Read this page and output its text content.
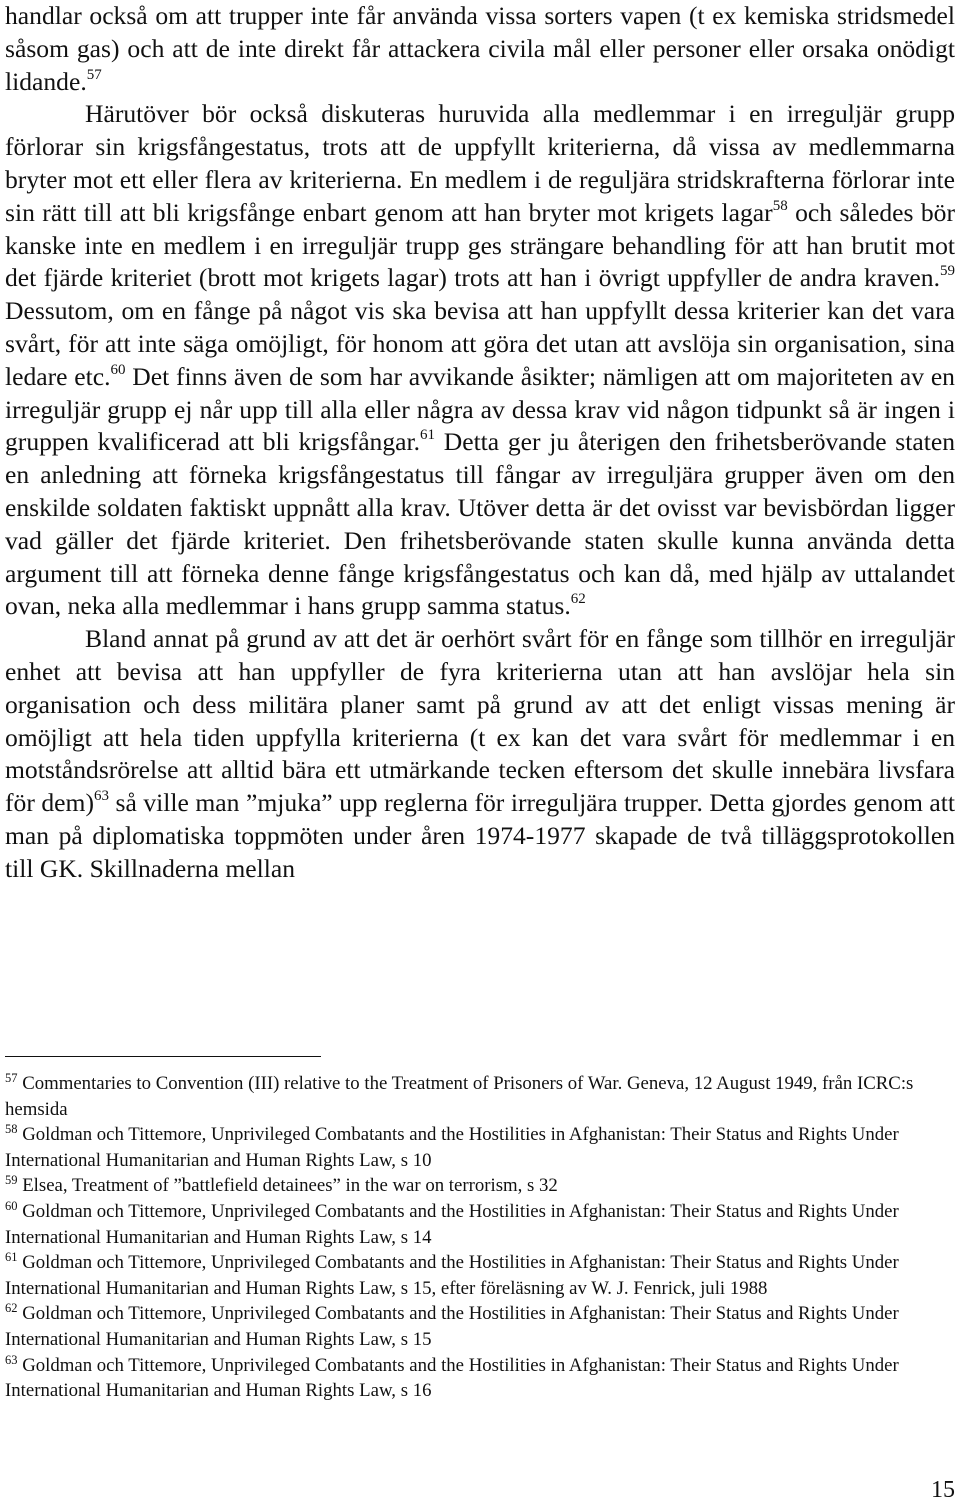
handlar också om att trupper inte får använda vissa sorters vapen (t ex kemiska stridsmedel såsom gas) och att de inte direkt får attackera civila mål eller personer eller orsaka onödigt lidande.$^{57}$

Härutöver bör också diskuteras huruvida alla medlemmar i en irreguljär grupp förlorar sin krigsfångestatus, trots att de uppfyllt kriterierna, då vissa av medlemmarna bryter mot ett eller flera av kriterierna. En medlem i de reguljära stridskrafterna förlorar inte sin rätt till att bli krigsfånge enbart genom att han bryter mot krigets lagar$^{58}$ och således bör kanske inte en medlem i en irreguljär trupp ges strängare behandling för att han brutit mot det fjärde kriteriet (brott mot krigets lagar) trots att han i övrigt uppfyller de andra kraven.$^{59}$ Dessutom, om en fånge på något vis ska bevisa att han uppfyllt dessa kriterier kan det vara svårt, för att inte säga omöjligt, för honom att göra det utan att avslöja sin organisation, sina ledare etc.$^{60}$ Det finns även de som har avvikande åsikter; nämligen att om majoriteten av en irreguljär grupp ej når upp till alla eller några av dessa krav vid någon tidpunkt så är ingen i gruppen kvalificerad att bli krigsfångar.$^{61}$ Detta ger ju återigen den frihetsberövande staten en anledning att förneka krigsfångestatus till fångar av irreguljära grupper även om den enskilde soldaten faktiskt uppnått alla krav. Utöver detta är det ovisst var bevisbördan ligger vad gäller det fjärde kriteriet. Den frihetsberövande staten skulle kunna använda detta argument till att förneka denne fånge krigsfångestatus och kan då, med hjälp av uttalandet ovan, neka alla medlemmar i hans grupp samma status.$^{62}$

Bland annat på grund av att det är oerhört svårt för en fånge som tillhör en irreguljär enhet att bevisa att han uppfyller de fyra kriterierna utan att han avslöjar hela sin organisation och dess militära planer samt på grund av att det enligt vissas mening är omöjligt att hela tiden uppfylla kriterierna (t ex kan det vara svårt för medlemmar i en motståndsrörelse att alltid bära ett utmärkande tecken eftersom det skulle innebära livsfara för dem)$^{63}$ så ville man ”mjuka” upp reglerna för irreguljära trupper. Detta gjordes genom att man på diplomatiska toppmöten under åren 1974-1977 skapade de två tilläggsprotokollen till GK. Skillnaderna mellan

$^{57}$ Commentaries to Convention (III) relative to the Treatment of Prisoners of War. Geneva, 12 August 1949, från ICRC:s hemsida

$^{58}$ Goldman och Tittemore, Unprivileged Combatants and the Hostilities in Afghanistan: Their Status and Rights Under International Humanitarian and Human Rights Law, s 10

$^{59}$ Elsea, Treatment of ”battlefield detainees” in the war on terrorism, s 32

$^{60}$ Goldman och Tittemore, Unprivileged Combatants and the Hostilities in Afghanistan: Their Status and Rights Under International Humanitarian and Human Rights Law, s 14

$^{61}$ Goldman och Tittemore, Unprivileged Combatants and the Hostilities in Afghanistan: Their Status and Rights Under International Humanitarian and Human Rights Law, s 15, efter föreläsning av W. J. Fenrick, juli 1988

$^{62}$ Goldman och Tittemore, Unprivileged Combatants and the Hostilities in Afghanistan: Their Status and Rights Under International Humanitarian and Human Rights Law, s 15

$^{63}$ Goldman och Tittemore, Unprivileged Combatants and the Hostilities in Afghanistan: Their Status and Rights Under International Humanitarian and Human Rights Law, s 16

15
